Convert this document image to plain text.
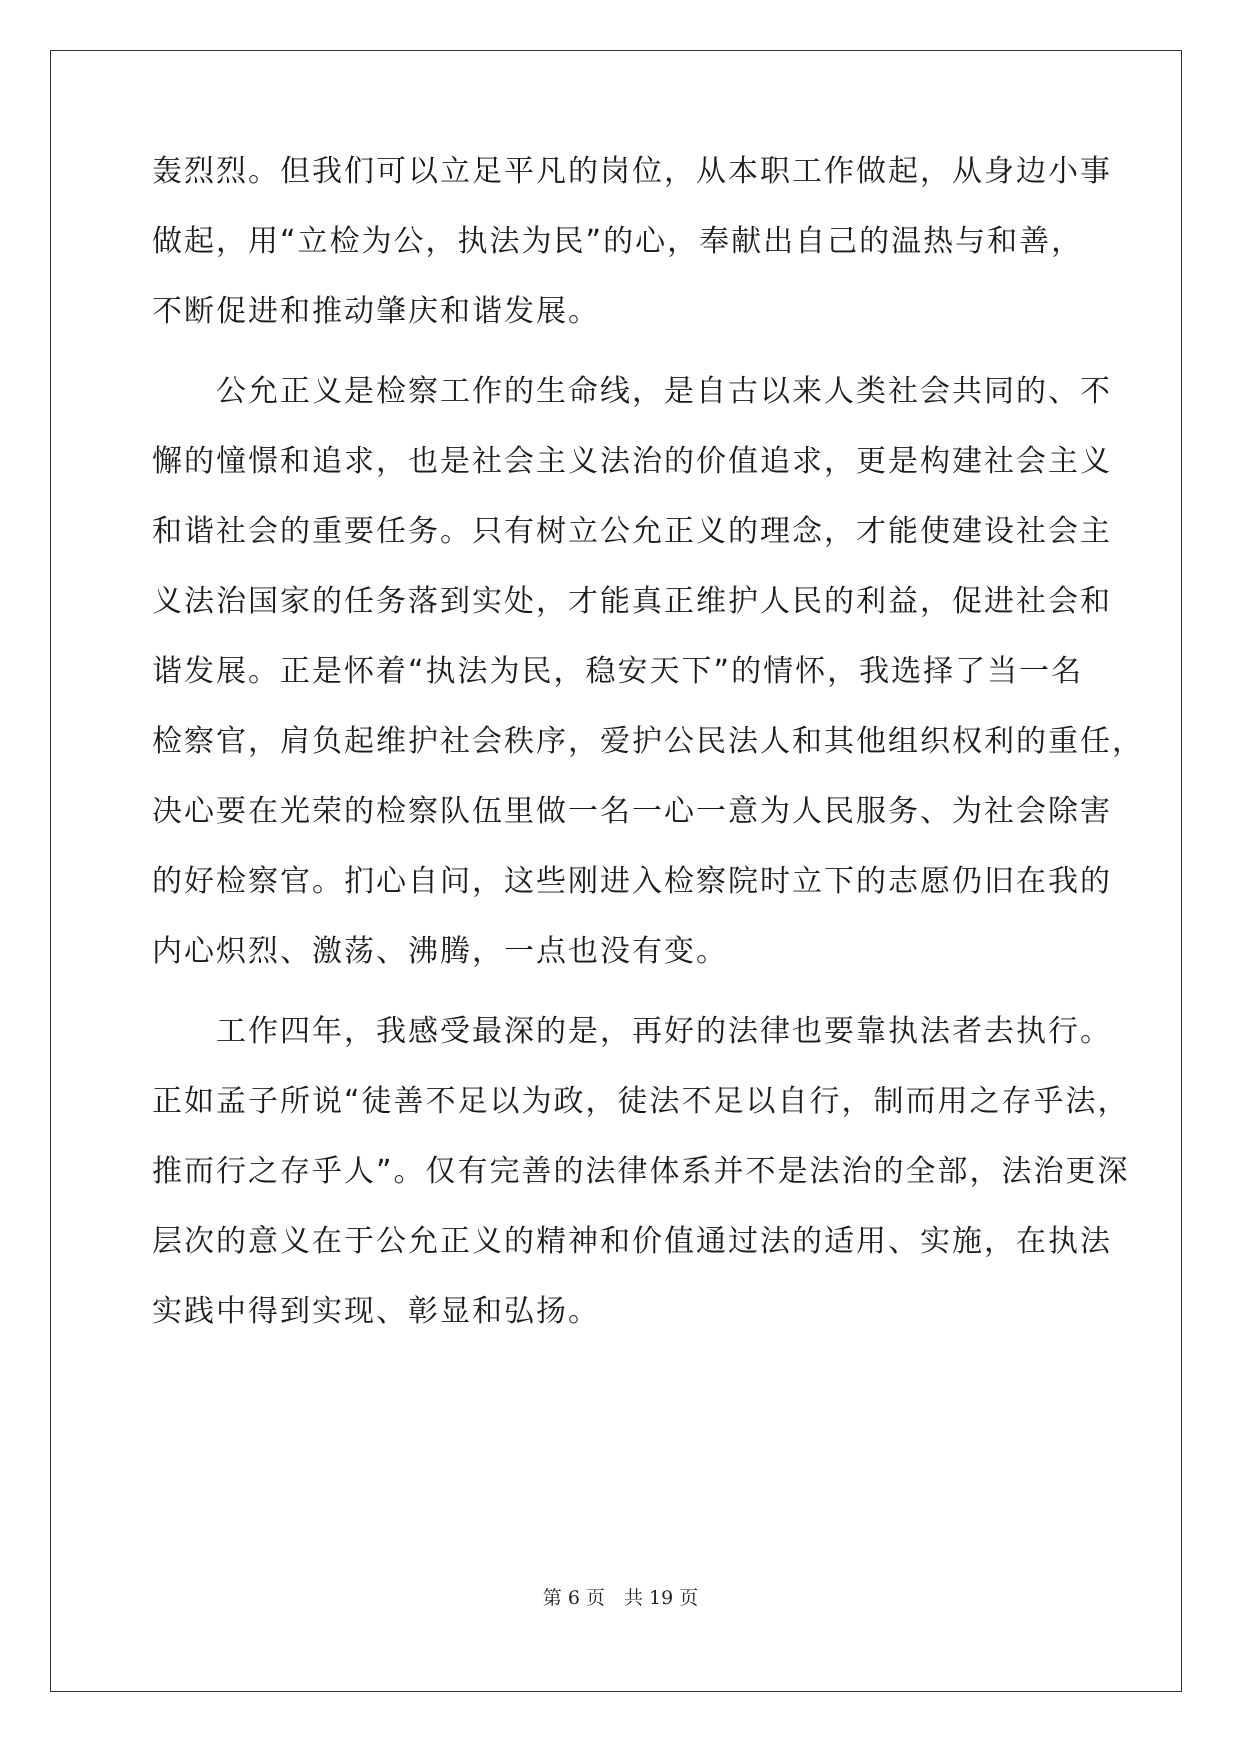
轰烈烈。但我们可以立足平凡的岗位，从本职工作做起，从身边小事
做起，用“立检为公，执法为民”的心，奉献出自己的温热与和善，
不断促进和推动肇庆和谐发展。
　　公允正义是检察工作的生命线，是自古以来人类社会共同的、不
懈的憧憬和追求，也是社会主义法治的价值追求，更是构建社会主义
和谐社会的重要任务。只有树立公允正义的理念，才能使建设社会主
义法治国家的任务落到实处，才能真正维护人民的利益，促进社会和
谐发展。正是怀着“执法为民，稳安天下”的情怀，我选择了当一名
检察官，肩负起维护社会秩序，爱护公民法人和其他组织权利的重任，
决心要在光荣的检察队伍里做一名一心一意为人民服务、为社会除害
的好检察官。扪心自问，这些刚进入检察院时立下的志愿仍旧在我的
内心炽烈、激荡、沸腾，一点也没有变。
　　工作四年，我感受最深的是，再好的法律也要靠执法者去执行。
正如孟子所说“徒善不足以为政，徒法不足以自行，制而用之存乎法，
推而行之存乎人”。仅有完善的法律体系并不是法治的全部，法治更深
层次的意义在于公允正义的精神和价值通过法的适用、实施，在执法
实践中得到实现、彰显和弘扬。
第 6 页　共 19 页
